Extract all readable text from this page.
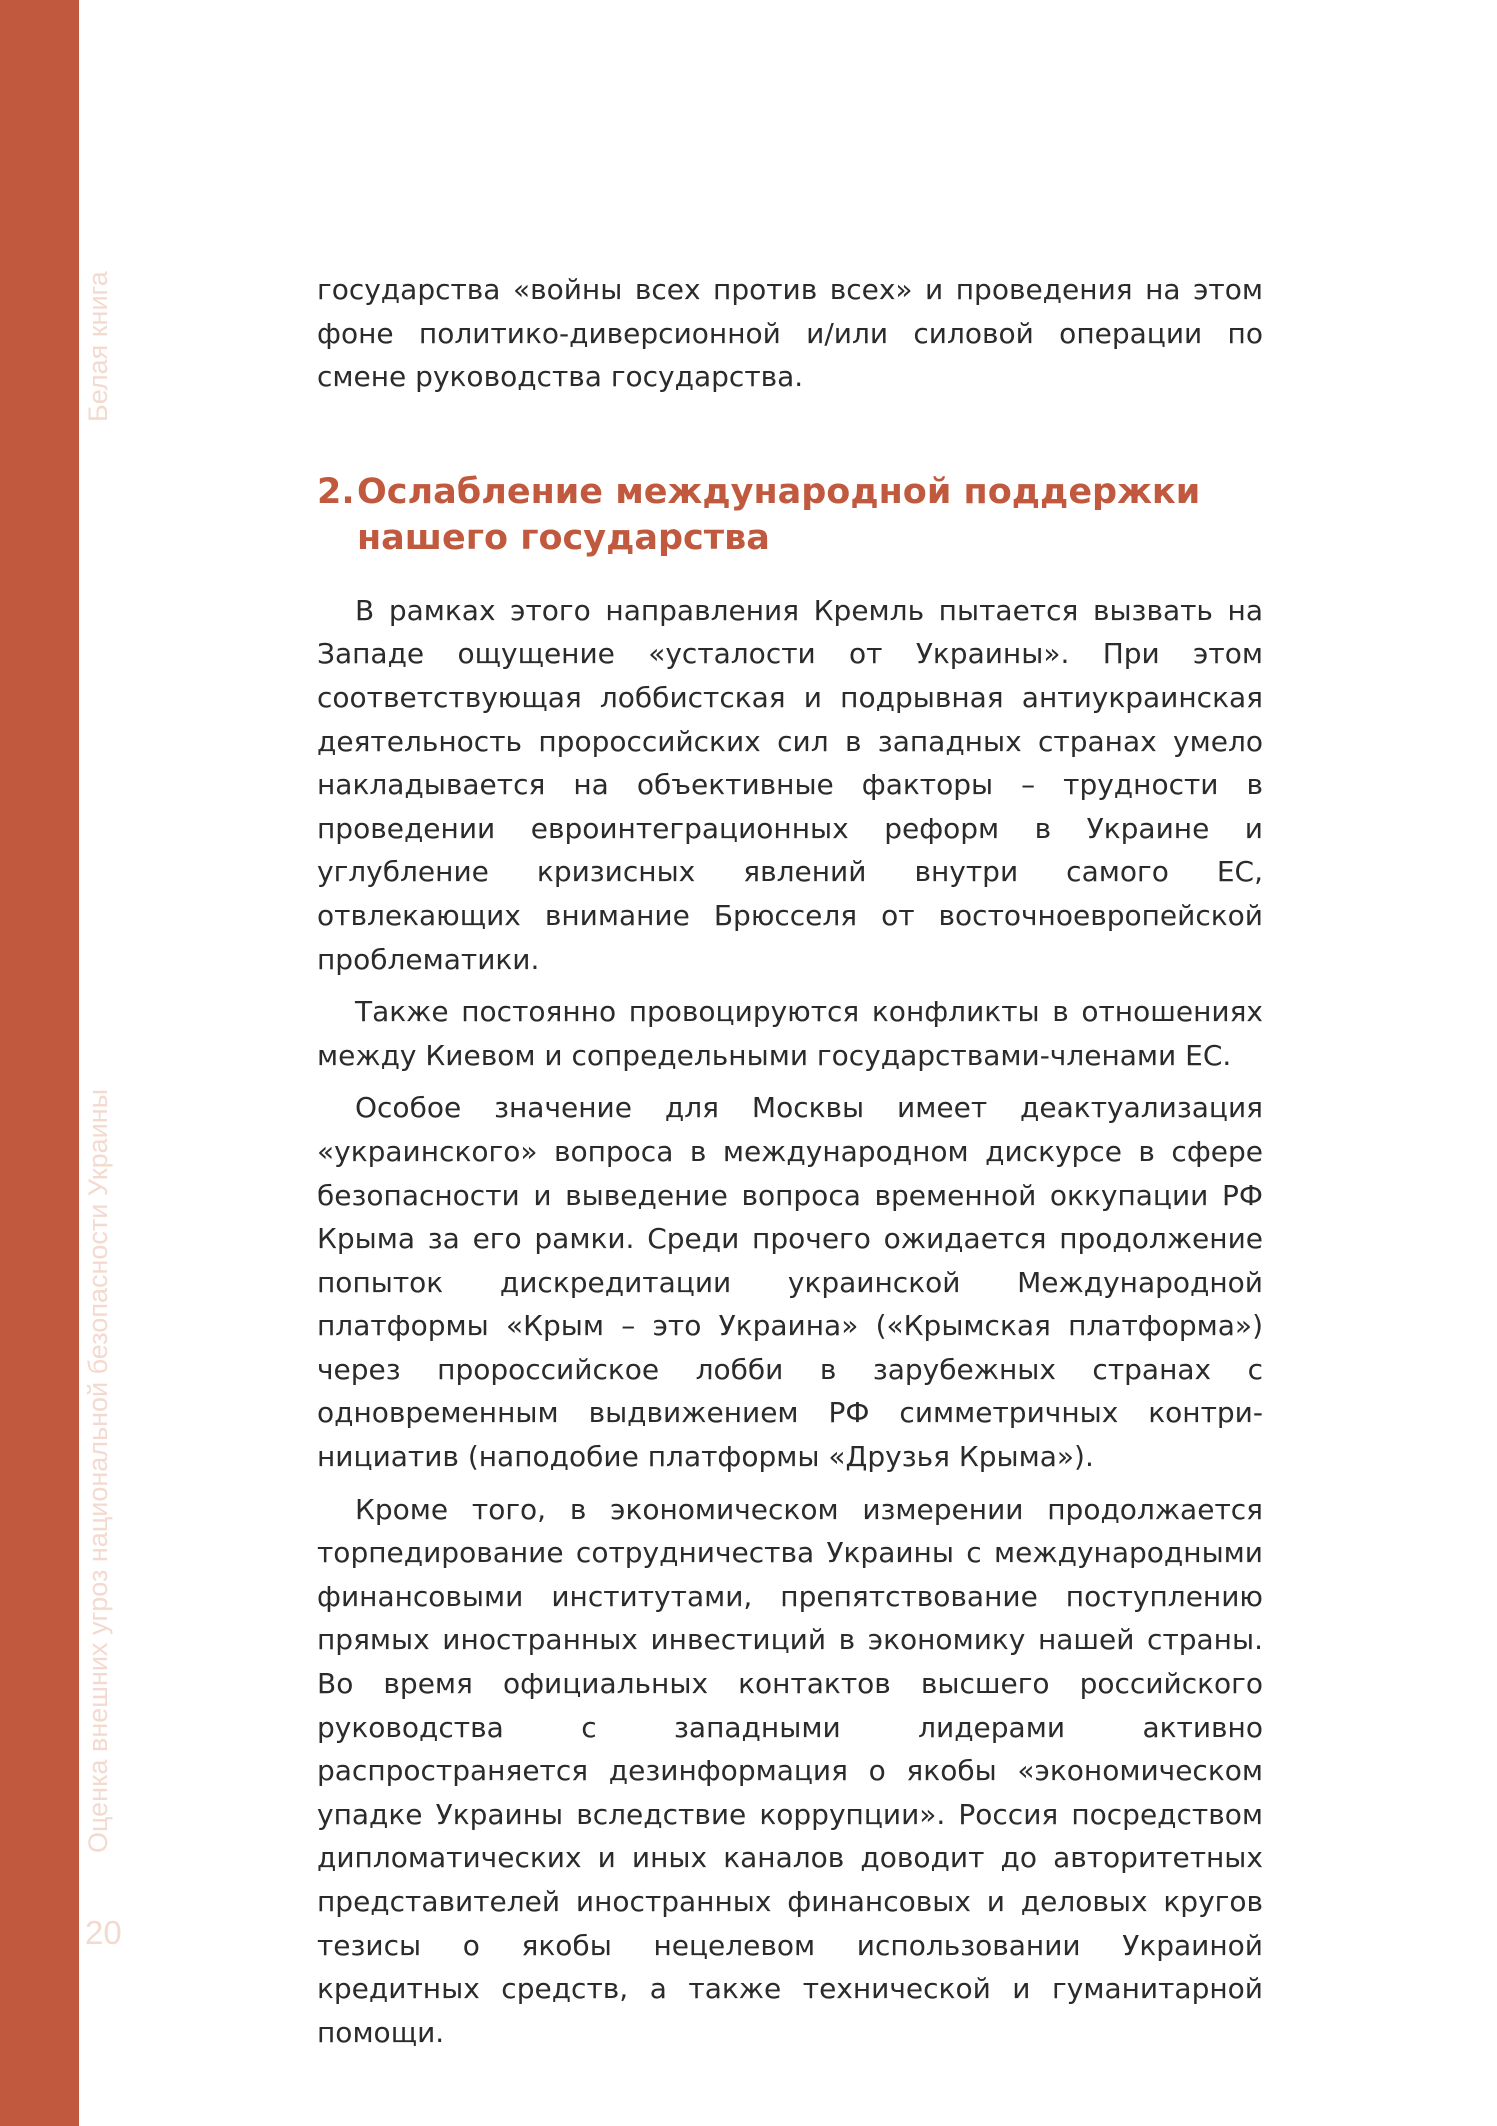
Белая книга
Оценка внешних угроз национальной безопасности Украины
20

государства «войны всех против всех» и проведения на этом фоне политико-диверсионной и/или силовой операции по смене руководства государства.

2. Ослабление международной поддержки нашего государства

В рамках этого направления Кремль пытается вызвать на Западе ощущение «усталости от Украины». При этом соответствующая лоббистская и подрывная антиукраинская деятельность пророссийских сил в западных странах умело накладывается на объективные факторы – трудности в проведении евроинтеграционных реформ в Украине и углубление кризисных явлений внутри самого ЕС, отвлекающих внимание Брюсселя от восточноевропейской проблематики.

Также постоянно провоцируются конфликты в отношениях между Киевом и сопредельными государствами-членами ЕС.

Особое значение для Москвы имеет деактуализация «украинского» вопроса в международном дискурсе в сфере безопасности и выведение вопроса временной оккупации РФ Крыма за его рамки. Среди прочего ожидается продолжение попыток дискредитации украинской Международной платформы «Крым – это Украина» («Крымская платформа») через пророссийское лобби в зарубежных странах с одновременным выдвижением РФ симметричных контринициатив (наподобие платформы «Друзья Крыма»).

Кроме того, в экономическом измерении продолжается торпедирование сотрудничества Украины с международными финансовыми институтами, препятствование поступлению прямых иностранных инвестиций в экономику нашей страны. Во время официальных контактов высшего российского руководства с западными лидерами активно распространяется дезинформация о якобы «экономическом упадке Украины вследствие коррупции». Россия посредством дипломатических и иных каналов доводит до авторитетных представителей иностранных финансовых и деловых кругов тезисы о якобы нецелевом использовании Украиной кредитных средств, а также технической и гуманитарной помощи.
